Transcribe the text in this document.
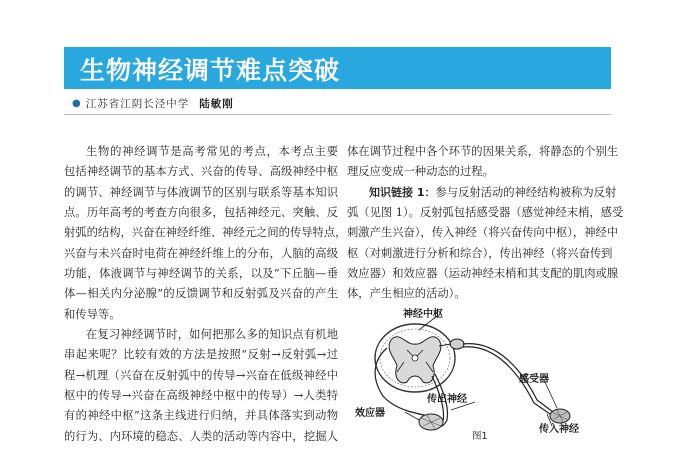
生物神经调节难点突破
● 江苏省江阴长泾中学 陆敏刚
生物的神经调节是高考常见的考点，本考点主要
包括神经调节的基本方式、兴奋的传导、高级神经中枢
的调节、神经调节与体液调节的区别与联系等基本知识
点。历年高考的考查方向很多，包括神经元、突触、反
射弧的结构，兴奋在神经纤维、神经元之间的传导特点，
兴奋与未兴奋时电荷在神经纤维上的分布，人脑的高级
功能，体液调节与神经调节的关系，以及“下丘脑—垂
体—相关内分泌腺”的反馈调节和反射弧及兴奋的产生
和传导等。
在复习神经调节时，如何把那么多的知识点有机地
串起来呢？比较有效的方法是按照“反射→反射弧→过
程→机理（兴奋在反射弧中的传导→兴奋在低级神经中
枢中的传导→兴奋在高级神经中枢中的传导）→人类特
有的神经中枢”这条主线进行归纳，并具体落实到动物
的行为、内环境的稳态、人类的活动等内容中，挖掘人
体在调节过程中各个环节的因果关系，将静态的个别生
理反应变成一种动态的过程。
知识链接 1：参与反射活动的神经结构被称为反射
弧（见图 1）。反射弧包括感受器（感觉神经末梢，感受
刺激产生兴奋），传入神经（将兴奋传向中枢），神经中
枢（对刺激进行分析和综合），传出神经（将兴奋传到
效应器）和效应器（运动神经末梢和其支配的肌肉或腺
体，产生相应的活动）。
神经中枢
感受器
传出神经
效应器
传入神经
图1
